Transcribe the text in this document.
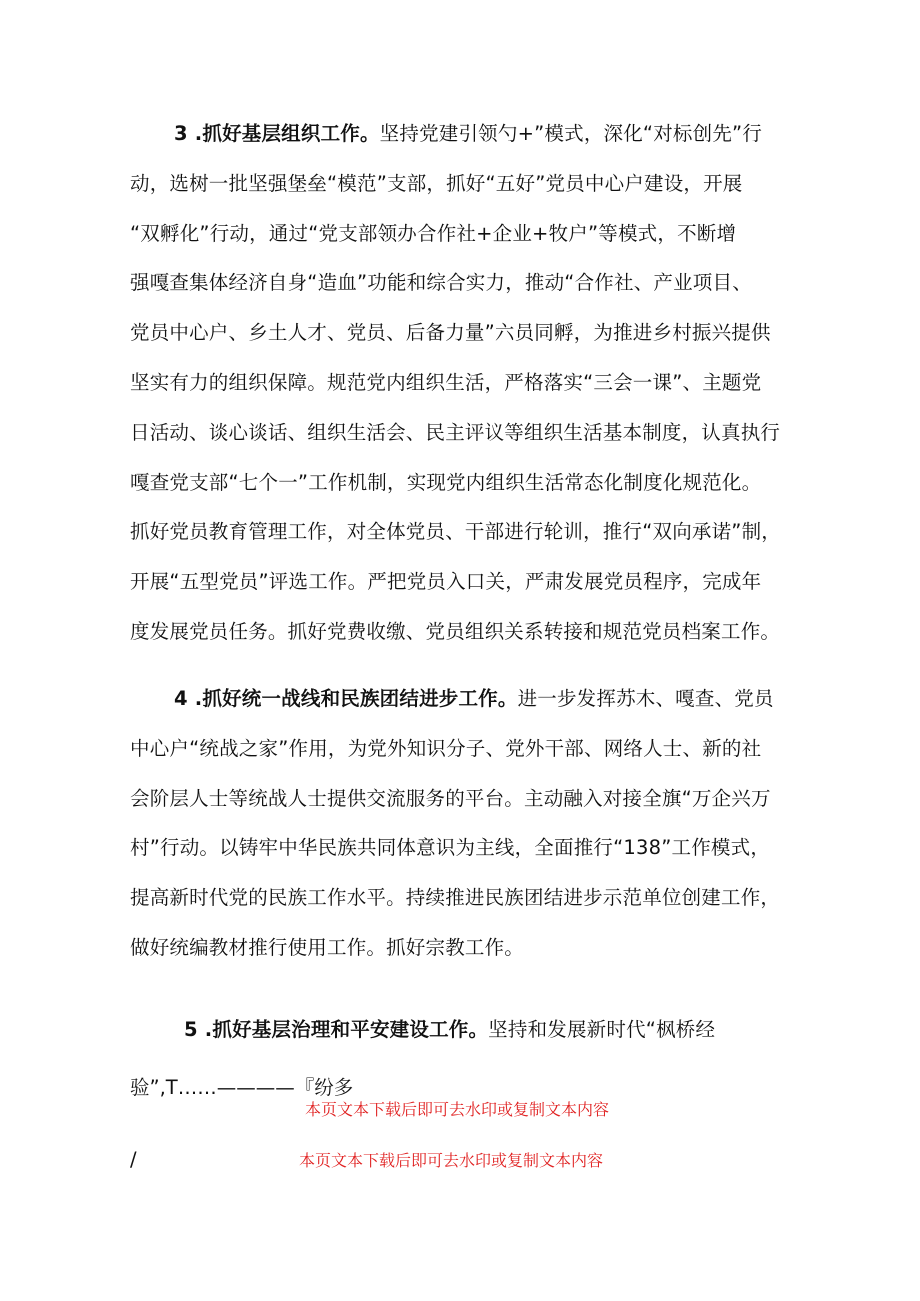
3 .抓好基层组织工作。坚持党建引领勺+”模式，深化“对标创先”行
动，选树一批坚强堡垒“模范”支部，抓好“五好”党员中心户建设，开展
“双孵化”行动，通过“党支部领办合作社+企业+牧户”等模式，不断增
强嘎查集体经济自身“造血”功能和综合实力，推动“合作社、产业项目、
党员中心户、乡土人才、党员、后备力量”六员同孵，为推进乡村振兴提供
坚实有力的组织保障。规范党内组织生活，严格落实“三会一课”、主题党
日活动、谈心谈话、组织生活会、民主评议等组织生活基本制度，认真执行
嘎查党支部“七个一”工作机制，实现党内组织生活常态化制度化规范化。
抓好党员教育管理工作，对全体党员、干部进行轮训，推行“双向承诺”制，
开展“五型党员”评选工作。严把党员入口关，严肃发展党员程序，完成年
度发展党员任务。抓好党费收缴、党员组织关系转接和规范党员档案工作。
4 .抓好统一战线和民族团结进步工作。进一步发挥苏木、嘎查、党员
中心户“统战之家”作用，为党外知识分子、党外干部、网络人士、新的社
会阶层人士等统战人士提供交流服务的平台。主动融入对接全旗“万企兴万
村”行动。以铸牢中华民族共同体意识为主线，全面推行“138”工作模式，
提高新时代党的民族工作水平。持续推进民族团结进步示范单位创建工作，
做好统编教材推行使用工作。抓好宗教工作。
5 .抓好基层治理和平安建设工作。坚持和发展新时代“枫桥经
验”,T……————『纷多
本页文本下载后即可去水印或复制文本内容
/	本页文本下载后即可去水印或复制文本内容
